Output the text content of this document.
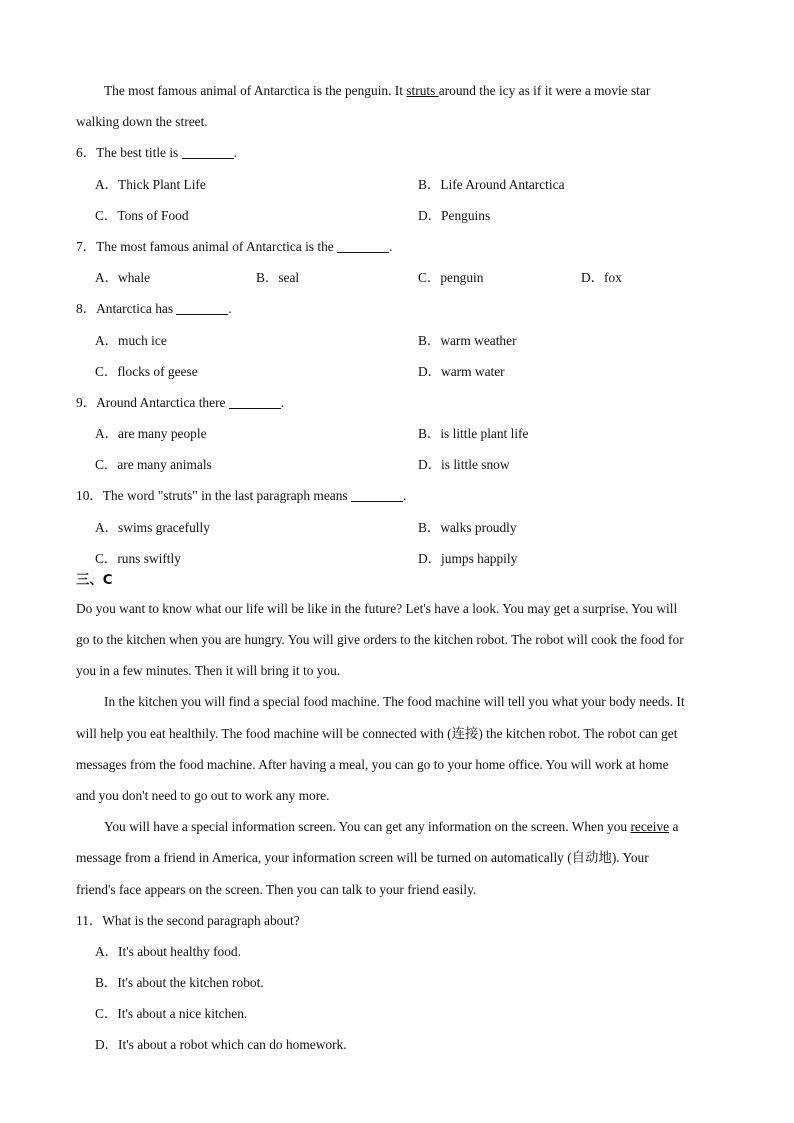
The most famous animal of Antarctica is the penguin. It struts around the icy as if it were a movie star
walking down the street.
6．The best title is	.
A．Thick Plant Life	B．Life Around Antarctica
C．Tons of Food	D．Penguins
7．The most famous animal of Antarctica is the	.
A．whale	B．seal	C．penguin	D．fox
8．Antarctica has	.
A．much ice	B．warm weather
C．flocks of geese	D．warm water
9．Around Antarctica there	.
A．are many people	B．is little plant life
C．are many animals	D．is little snow
10．The word "struts" in the last paragraph means	.
A．swims gracefully	B．walks proudly
C．runs swiftly	D．jumps happily
三、C
Do you want to know what our life will be like in the future? Let's have a look. You may get a surprise. You will
go to the kitchen when you are hungry. You will give orders to the kitchen robot. The robot will cook the food for
you in a few minutes. Then it will bring it to you.
In the kitchen you will find a special food machine. The food machine will tell you what your body needs. It
will help you eat healthily. The food machine will be connected with (连接) the kitchen robot. The robot can get
messages from the food machine. After having a meal, you can go to your home office. You will work at home
and you don't need to go out to work any more.
You will have a special information screen. You can get any information on the screen. When you receive a
message from a friend in America, your information screen will be turned on automatically (自动地). Your
friend's face appears on the screen. Then you can talk to your friend easily.
11．What is the second paragraph about?
A．It's about healthy food.
B．It's about the kitchen robot.
C．It's about a nice kitchen.
D．It's about a robot which can do homework.
